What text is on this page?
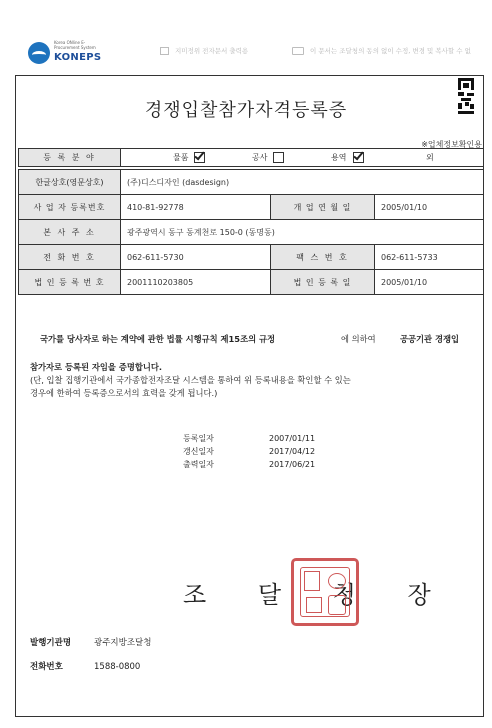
Korea ONline E-Procurement System
KONEPS
지미정위 전자문서 출력용	이 문서는 조달청의 동의 없이 수정, 변경 및 복사할 수 없
경쟁입찰참가자격등록증
※업체정보확인용
등 록 분 야	물품 공사 용역 외		

한글상호(영문상호)	(주)디스디자인 (dasdesign)		
사 업 자 등록번호	410-81-92778	개 업 연 월 일	2005/01/10
본 사 주 소	광주광역시 동구 동계천로 150-0 (동명동)		
전 화 번 호	062-611-5730	팩 스 번 호	062-611-5733
법 인 등 록 번 호	2001110203805	법 인 등 록 일	2005/01/10
국가를 당사자로 하는 계약에 관한 법률 시행규칙 제15조의 규정	에 의하여	공공기관 경쟁입
참가자로 등록된 자임을 증명합니다.
(단, 입찰 집행기관에서 국가종합전자조달 시스템을 통하여 위 등록내용을 확인할 수 있는
경우에 한하여 등록증으로서의 효력을 갖게 됩니다.)
등록일자	2007/01/11
갱신일자	2017/04/12
출력일자	2017/06/21
조 달 청 장
발행기관명	광주지방조달청
전화번호	1588-0800
